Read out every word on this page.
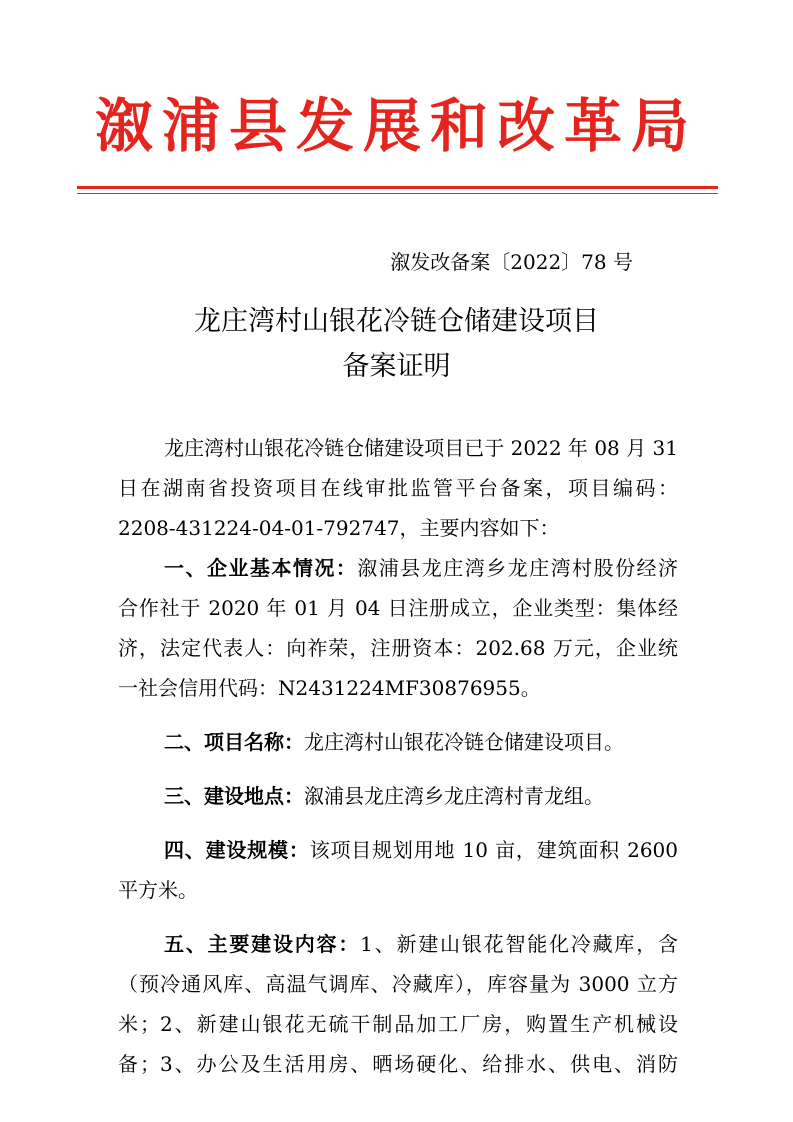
溆浦县发展和改革局
溆发改备案〔2022〕78 号
龙庄湾村山银花冷链仓储建设项目
备案证明
龙庄湾村山银花冷链仓储建设项目已于 2022 年 08 月 31
日在湖南省投资项目在线审批监管平台备案，项目编码：
2208-431224-04-01-792747，主要内容如下：
一、企业基本情况：溆浦县龙庄湾乡龙庄湾村股份经济
合作社于 2020 年 01 月 04 日注册成立，企业类型：集体经
济，法定代表人：向祚荣，注册资本：202.68 万元，企业统
一社会信用代码：N2431224MF30876955。
二、项目名称：龙庄湾村山银花冷链仓储建设项目。
三、建设地点：溆浦县龙庄湾乡龙庄湾村青龙组。
四、建设规模：该项目规划用地 10 亩，建筑面积 2600
平方米。
五、主要建设内容：1、新建山银花智能化冷藏库，含
（预冷通风库、高温气调库、冷藏库），库容量为 3000 立方
米；2、新建山银花无硫干制品加工厂房，购置生产机械设
备；3、办公及生活用房、晒场硬化、给排水、供电、消防
